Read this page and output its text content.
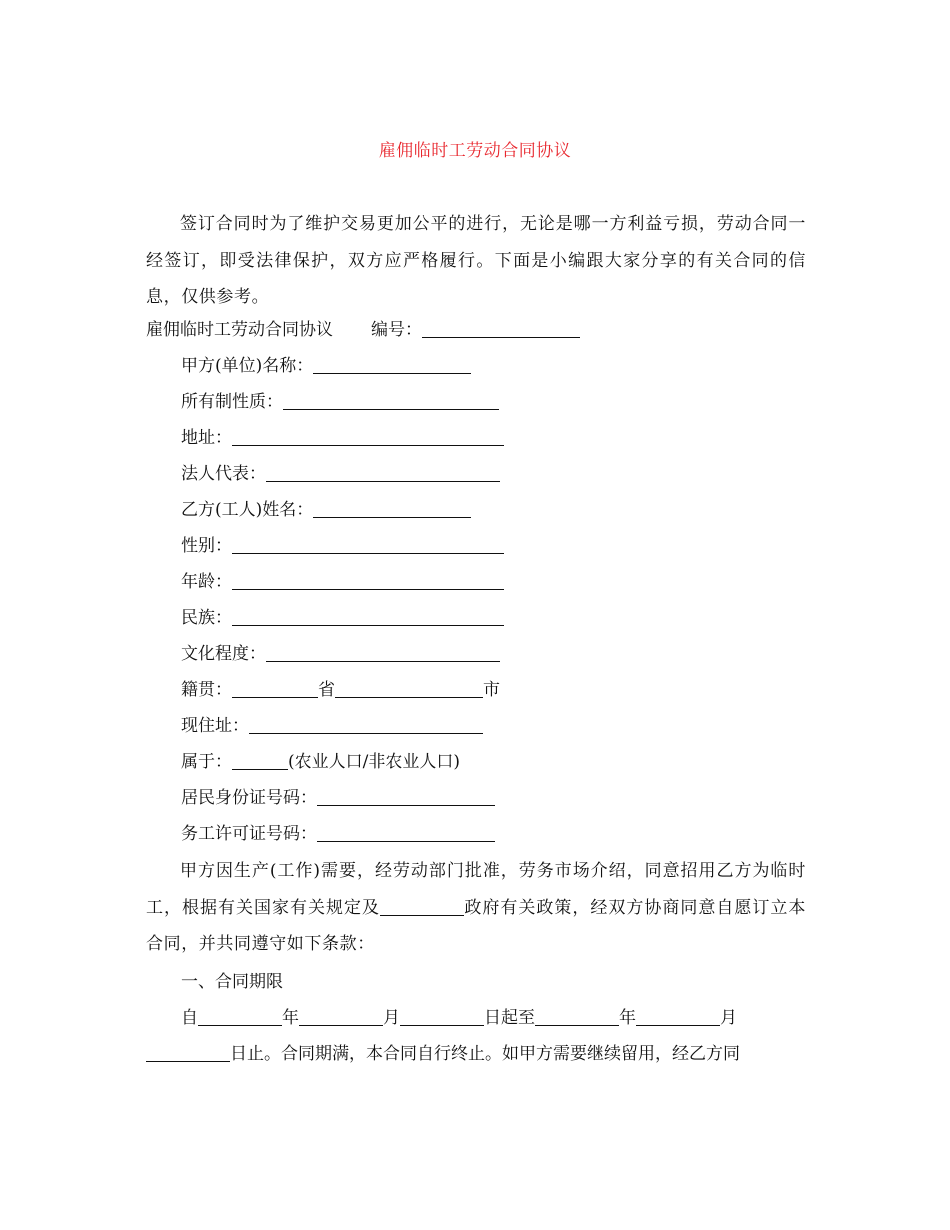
雇佣临时工劳动合同协议
签订合同时为了维护交易更加公平的进行，无论是哪一方利益亏损，劳动合同一经签订，即受法律保护，双方应严格履行。下面是小编跟大家分享的有关合同的信息，仅供参考。
雇佣临时工劳动合同协议 编号：
甲方(单位)名称：
所有制性质：
地址：
法人代表：
乙方(工人)姓名：
性别：
年龄：
民族：
文化程度：
籍贯：	省	市
现住址：
属于：	(农业人口/非农业人口)
居民身份证号码：
务工许可证号码：
甲方因生产(工作)需要，经劳动部门批准，劳务市场介绍，同意招用乙方为临时工，根据有关国家有关规定及	政府有关政策，经双方协商同意自愿订立本合同，并共同遵守如下条款：
一、合同期限
自	年	月	日起至	年	月
日止。合同期满，本合同自行终止。如甲方需要继续留用，经乙方同
